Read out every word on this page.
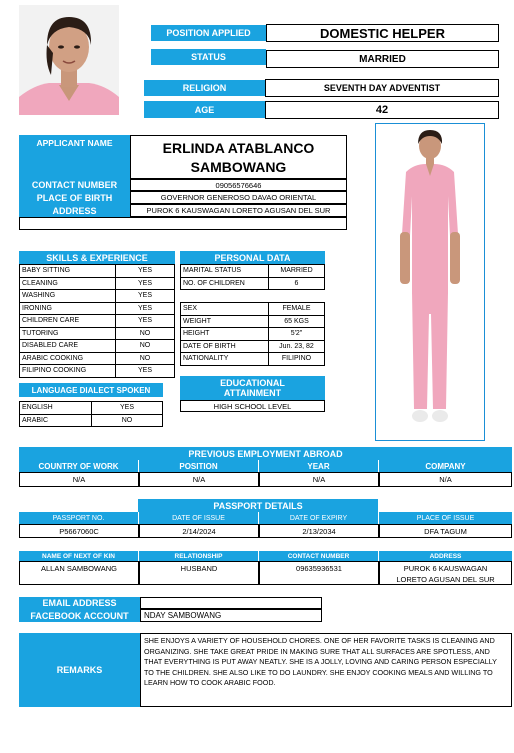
POSITION APPLIED	DOMESTIC HELPER
STATUS	MARRIED
RELIGION	SEVENTH DAY ADVENTIST
AGE	42
APPLICANT NAME	ERLINDA ATABLANCO
SAMBOWANG
CONTACT NUMBER	09056576646
PLACE OF BIRTH	GOVERNOR GENEROSO DAVAO ORIENTAL
ADDRESS	PUROK 6 KAUSWAGAN LORETO AGUSAN DEL SUR
SKILLS & EXPERIENCE
BABY SITTING	YES
CLEANING	YES
WASHING	YES
IRONING	YES
CHILDREN CARE	YES
TUTORING	NO
DISABLED CARE	NO
ARABIC COOKING	NO
FILIPINO COOKING	YES
PERSONAL DATA
MARITAL STATUS	MARRIED
NO. OF CHILDREN	6
SEX	FEMALE
WEIGHT	65 KGS
HEIGHT	5'2"
DATE OF BIRTH	Jun. 23, 82
NATIONALITY	FILIPINO
LANGUAGE DIALECT SPOKEN
ENGLISH	YES
ARABIC	NO
EDUCATIONAL
ATTAINMENT
HIGH SCHOOL LEVEL
PREVIOUS EMPLOYMENT ABROAD
COUNTRY OF WORK	POSITION	YEAR	COMPANY
N/A	N/A	N/A	N/A
PASSPORT DETAILS
PASSPORT NO.	DATE OF ISSUE	DATE OF EXPIRY	PLACE OF ISSUE
P5667060C	2/14/2024	2/13/2034	DFA TAGUM
NAME OF NEXT OF KIN	RELATIONSHIP	CONTACT NUMBER	ADDRESS
ALLAN SAMBOWANG	HUSBAND	09635936531	PUROK 6 KAUSWAGAN
LORETO AGUSAN DEL SUR
EMAIL ADDRESS
FACEBOOK ACCOUNT	NDAY SAMBOWANG
REMARKS
SHE ENJOYS A VARIETY OF HOUSEHOLD CHORES. ONE OF HER FAVORITE TASKS IS CLEANING AND ORGANIZING. SHE TAKE GREAT PRIDE IN MAKING SURE THAT ALL SURFACES ARE SPOTLESS, AND THAT EVERYTHING IS PUT AWAY NEATLY. SHE IS A JOLLY, LOVING AND CARING PERSON ESPECIALLY TO THE CHILDREN. SHE ALSO LIKE TO DO LAUNDRY. SHE ENJOY COOKING MEALS AND WILLING TO LEARN HOW TO COOK ARABIC FOOD.
